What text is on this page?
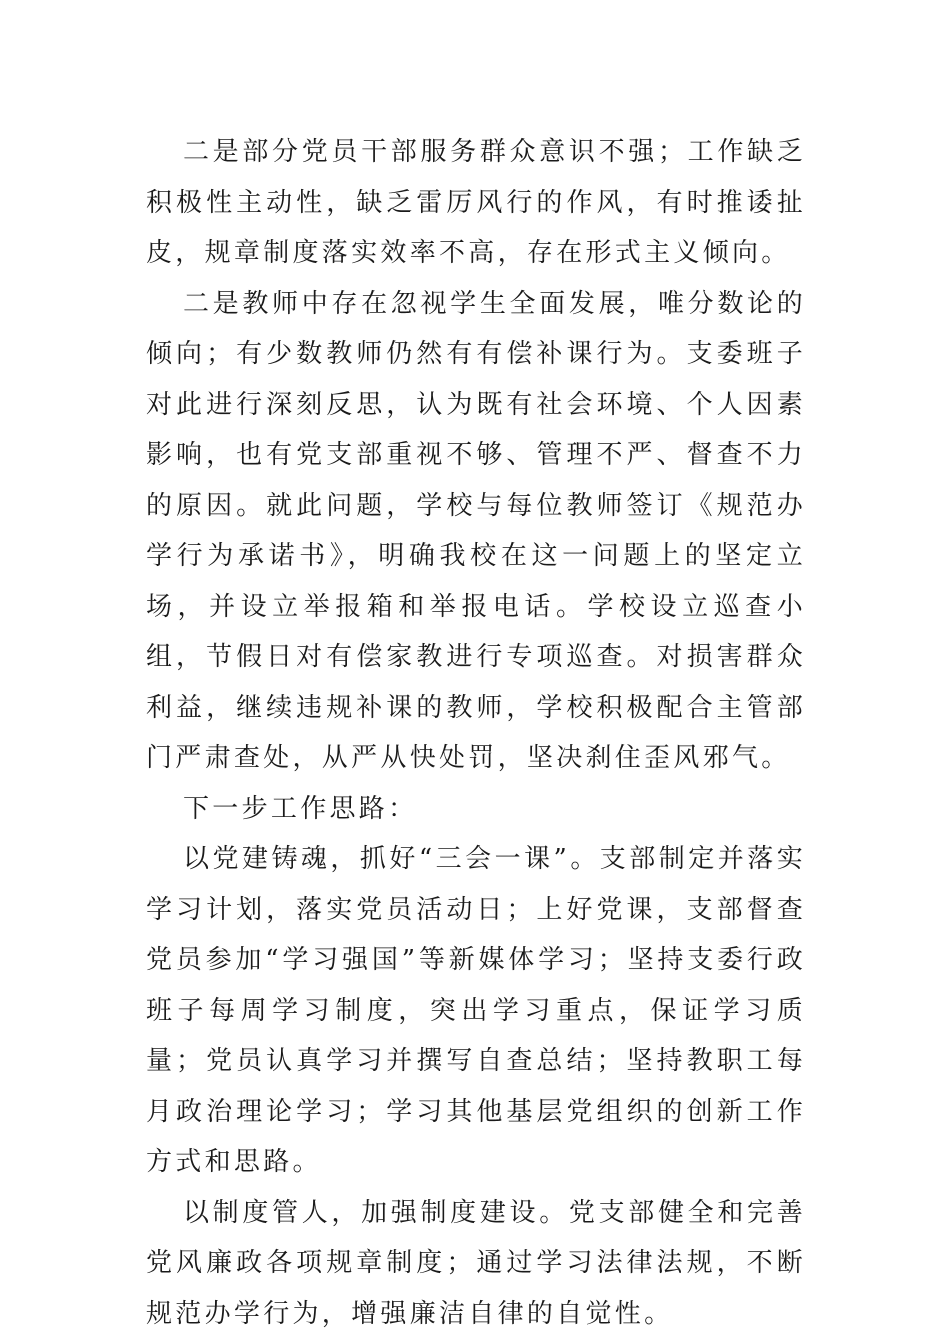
二是部分党员干部服务群众意识不强；工作缺乏积极性主动性，缺乏雷厉风行的作风，有时推诿扯皮，规章制度落实效率不高，存在形式主义倾向。

二是教师中存在忽视学生全面发展，唯分数论的倾向；有少数教师仍然有有偿补课行为。支委班子对此进行深刻反思，认为既有社会环境、个人因素影响，也有党支部重视不够、管理不严、督查不力的原因。就此问题，学校与每位教师签订《规范办学行为承诺书》，明确我校在这一问题上的坚定立场，并设立举报箱和举报电话。学校设立巡查小组，节假日对有偿家教进行专项巡查。对损害群众利益，继续违规补课的教师，学校积极配合主管部门严肃查处，从严从快处罚，坚决刹住歪风邪气。

下一步工作思路：

以党建铸魂，抓好“三会一课”。支部制定并落实学习计划，落实党员活动日；上好党课，支部督查党员参加“学习强国”等新媒体学习；坚持支委行政班子每周学习制度，突出学习重点，保证学习质量；党员认真学习并撰写自查总结；坚持教职工每月政治理论学习；学习其他基层党组织的创新工作方式和思路。

以制度管人，加强制度建设。党支部健全和完善党风廉政各项规章制度；通过学习法律法规，不断规范办学行为，增强廉洁自律的自觉性。
